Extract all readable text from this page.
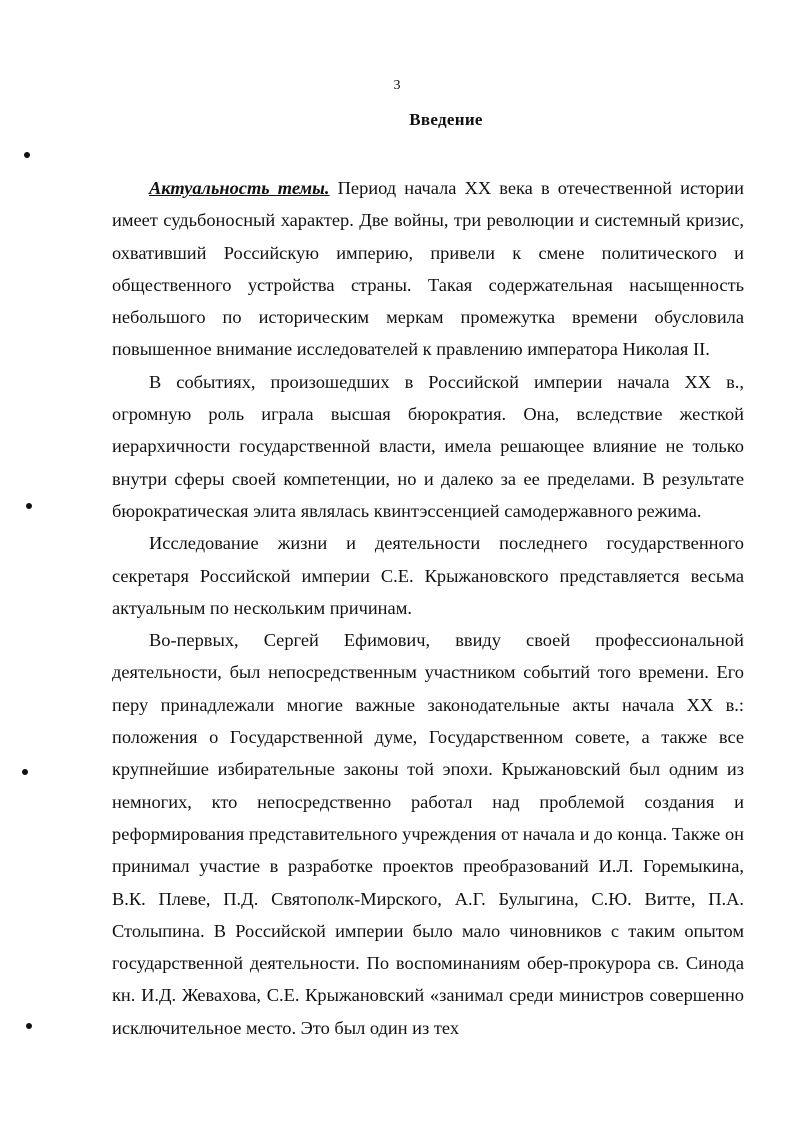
3
Введение

Актуальность темы. Период начала XX века в отечественной истории имеет судьбоносный характер. Две войны, три революции и системный кризис, охвативший Российскую империю, привели к смене политического и общественного устройства страны. Такая содержательная насыщенность небольшого по историческим меркам промежутка времени обусловила повышенное внимание исследователей к правлению императора Николая II.

В событиях, произошедших в Российской империи начала XX в., огромную роль играла высшая бюрократия. Она, вследствие жесткой иерархичности государственной власти, имела решающее влияние не только внутри сферы своей компетенции, но и далеко за ее пределами. В результате бюрократическая элита являлась квинтэссенцией самодержавного режима.

Исследование жизни и деятельности последнего государственного секретаря Российской империи С.Е. Крыжановского представляется весьма актуальным по нескольким причинам.

Во-первых, Сергей Ефимович, ввиду своей профессиональной деятельности, был непосредственным участником событий того времени. Его перу принадлежали многие важные законодательные акты начала XX в.: положения о Государственной думе, Государственном совете, а также все крупнейшие избирательные законы той эпохи. Крыжановский был одним из немногих, кто непосредственно работал над проблемой создания и реформирования представительного учреждения от начала и до конца. Также он принимал участие в разработке проектов преобразований И.Л. Горемыкина, В.К. Плеве, П.Д. Святополк-Мирского, А.Г. Булыгина, С.Ю. Витте, П.А. Столыпина. В Российской империи было мало чиновников с таким опытом государственной деятельности. По воспоминаниям обер-прокурора св. Синода кн. И.Д. Жевахова, С.Е. Крыжановский «занимал среди министров совершенно исключительное место. Это был один из тех
